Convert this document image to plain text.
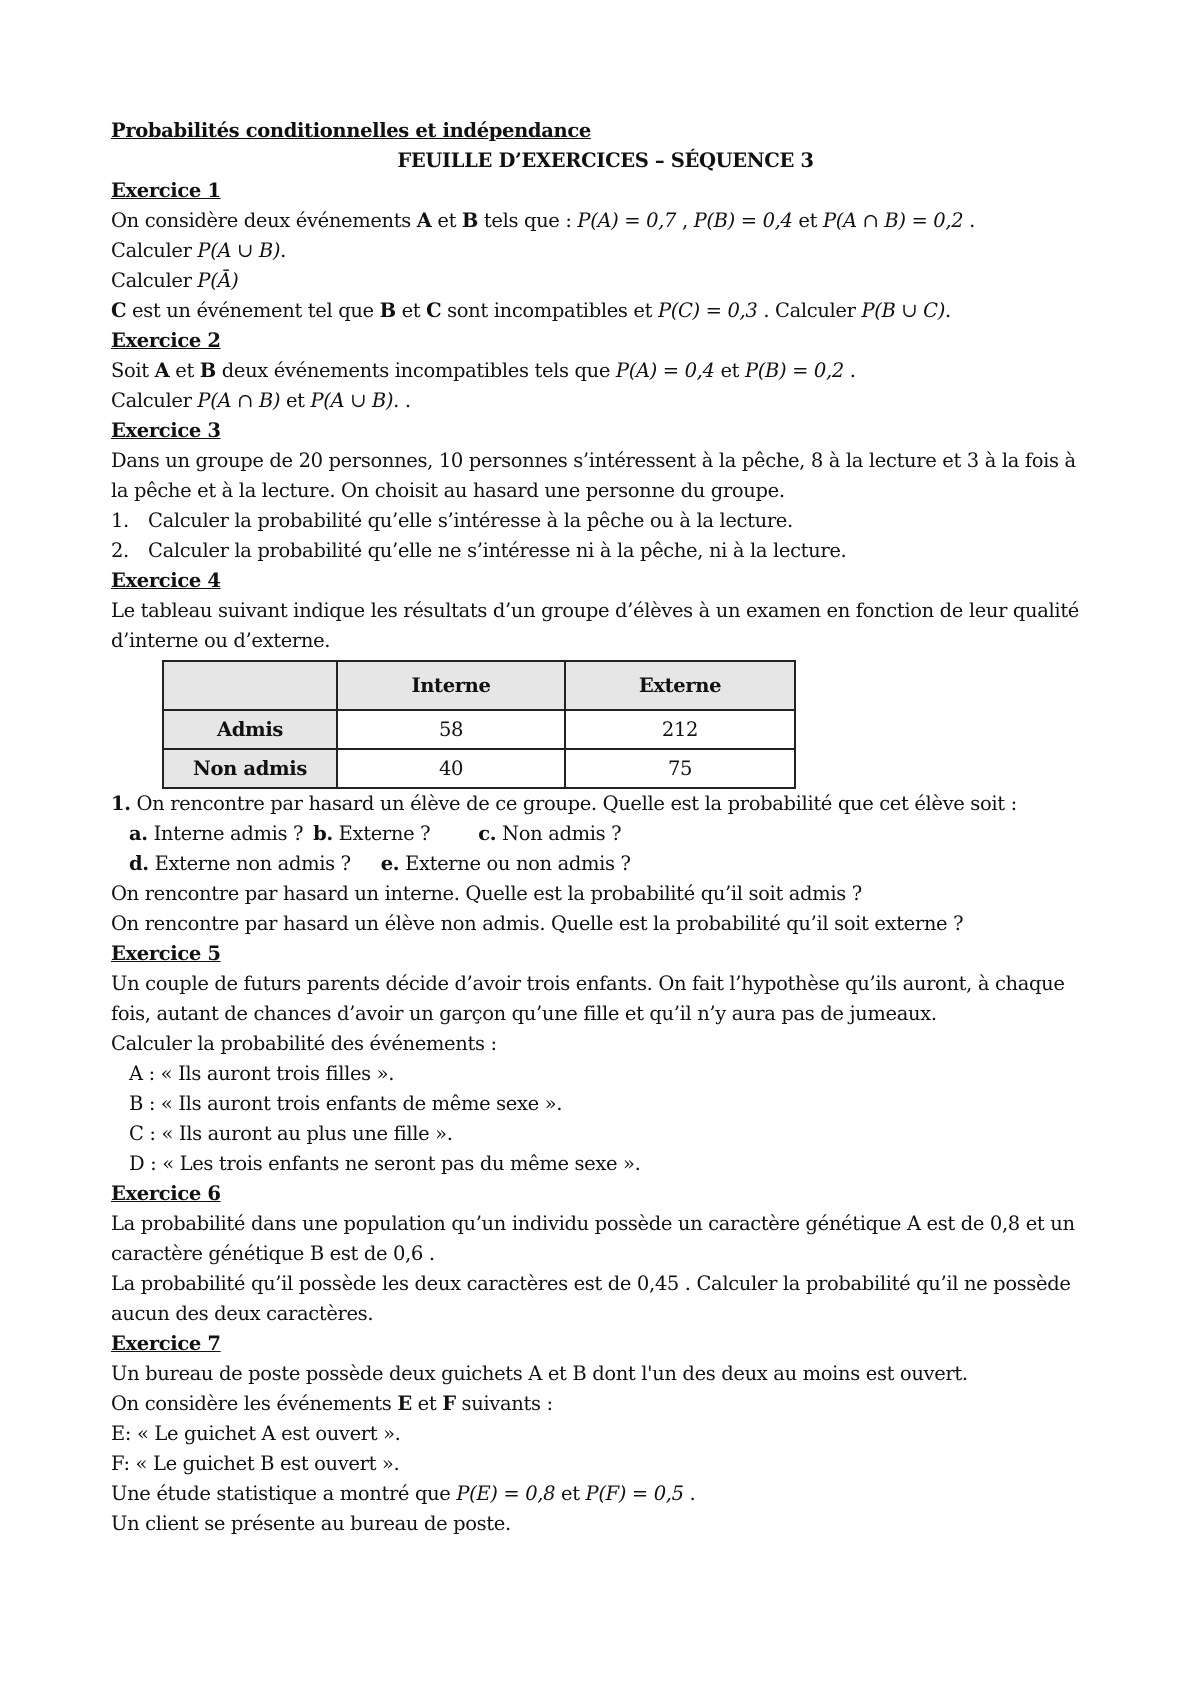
Probabilités conditionnelles et indépendance
FEUILLE D’EXERCICES – SÉQUENCE 3
Exercice 1
On considère deux événements A et B tels que : P(A) = 0,7 , P(B) = 0,4 et P(A ∩ B) = 0,2 .
Calculer P(A ∪ B).
Calculer P(Ā)
C est un événement tel que B et C sont incompatibles et P(C) = 0,3 . Calculer P(B ∪ C).
Exercice 2
Soit A et B deux événements incompatibles tels que P(A) = 0,4 et P(B) = 0,2 .
Calculer P(A ∩ B) et P(A ∪ B). .
Exercice 3
Dans un groupe de 20 personnes, 10 personnes s’intéressent à la pêche, 8 à la lecture et 3 à la fois à
la pêche et à la lecture. On choisit au hasard une personne du groupe.
1. Calculer la probabilité qu’elle s’intéresse à la pêche ou à la lecture.
2. Calculer la probabilité qu’elle ne s’intéresse ni à la pêche, ni à la lecture.
Exercice 4
Le tableau suivant indique les résultats d’un groupe d’élèves à un examen en fonction de leur qualité
d’interne ou d’externe.
	Interne	Externe
Admis	58	212
Non admis	40	75
1. On rencontre par hasard un élève de ce groupe. Quelle est la probabilité que cet élève soit :
a. Interne admis ? b. Externe ? c. Non admis ?
d. Externe non admis ? e. Externe ou non admis ?
On rencontre par hasard un interne. Quelle est la probabilité qu’il soit admis ?
On rencontre par hasard un élève non admis. Quelle est la probabilité qu’il soit externe ?
Exercice 5
Un couple de futurs parents décide d’avoir trois enfants. On fait l’hypothèse qu’ils auront, à chaque
fois, autant de chances d’avoir un garçon qu’une fille et qu’il n’y aura pas de jumeaux.
Calculer la probabilité des événements :
A : « Ils auront trois filles ».
B : « Ils auront trois enfants de même sexe ».
C : « Ils auront au plus une fille ».
D : « Les trois enfants ne seront pas du même sexe ».
Exercice 6
La probabilité dans une population qu’un individu possède un caractère génétique A est de 0,8 et un
caractère génétique B est de 0,6 .
La probabilité qu’il possède les deux caractères est de 0,45 . Calculer la probabilité qu’il ne possède
aucun des deux caractères.
Exercice 7
Un bureau de poste possède deux guichets A et B dont l'un des deux au moins est ouvert.
On considère les événements E et F suivants :
E: « Le guichet A est ouvert ».
F: « Le guichet B est ouvert ».
Une étude statistique a montré que P(E) = 0,8 et P(F) = 0,5 .
Un client se présente au bureau de poste.
